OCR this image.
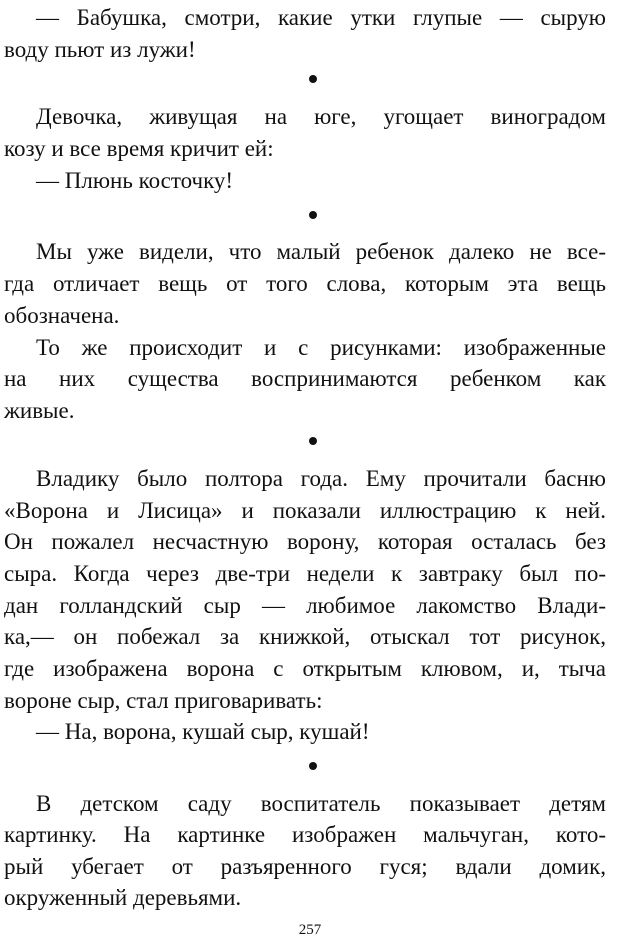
— Бабушка, смотри, какие утки глупые — сырую
воду пьют из лужи!
Девочка, живущая на юге, угощает виноградом
козу и все время кричит ей:
— Плюнь косточку!
Мы уже видели, что малый ребенок далеко не все-
гда отличает вещь от того слова, которым эта вещь
обозначена.
То же происходит и с рисунками: изображенные
на них существа воспринимаются ребенком как
живые.
Владику было полтора года. Ему прочитали басню
«Ворона и Лисица» и показали иллюстрацию к ней.
Он пожалел несчастную ворону, которая осталась без
сыра. Когда через две-три недели к завтраку был по-
дан голландский сыр — любимое лакомство Влади-
ка,— он побежал за книжкой, отыскал тот рисунок,
где изображена ворона с открытым клювом, и, тыча
вороне сыр, стал приговаривать:
— На, ворона, кушай сыр, кушай!
В детском саду воспитатель показывает детям
картинку. На картинке изображен мальчуган, кото-
рый убегает от разъяренного гуся; вдали домик,
окруженный деревьями.
257
